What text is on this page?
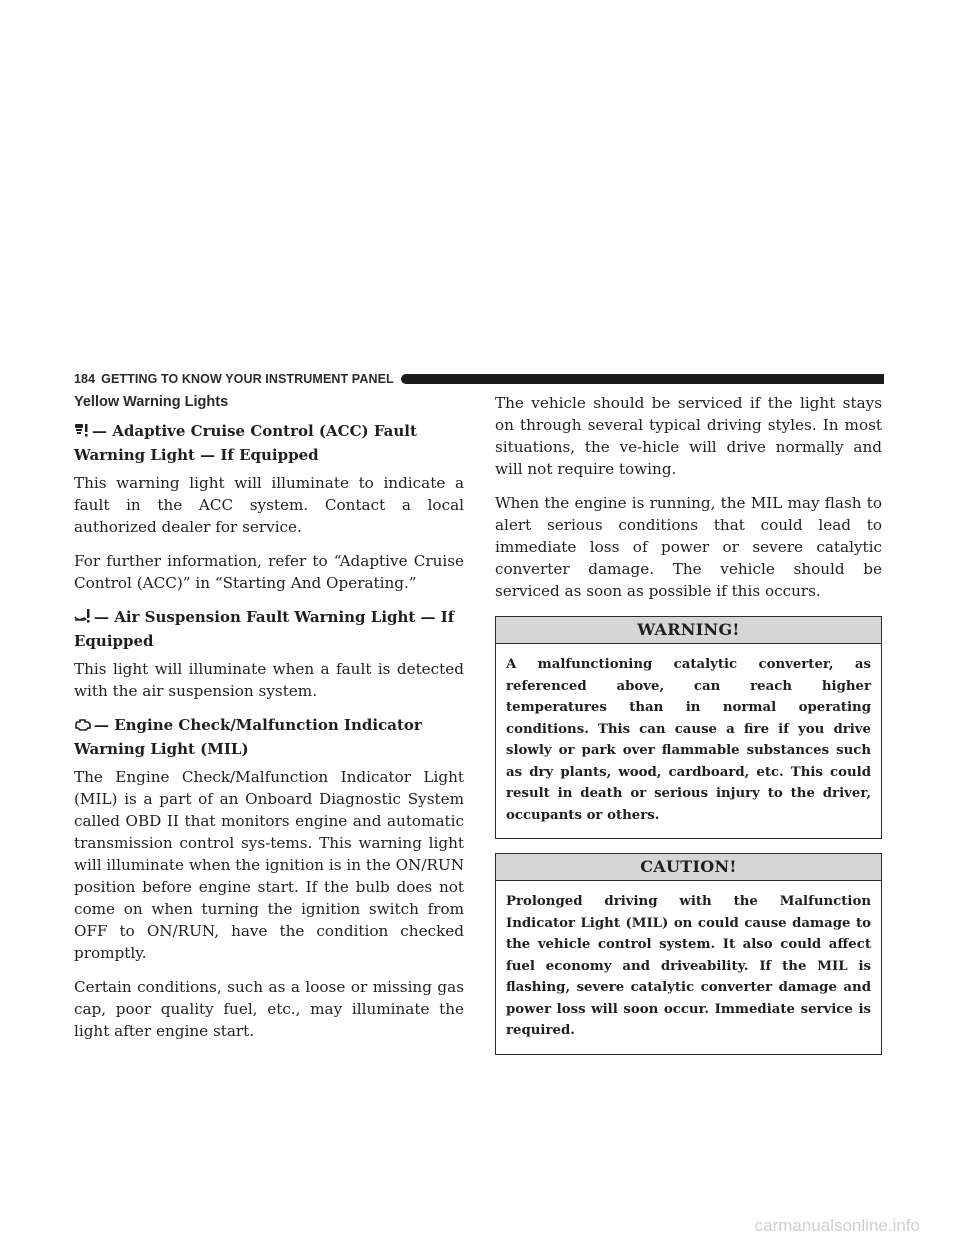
184 GETTING TO KNOW YOUR INSTRUMENT PANEL
Yellow Warning Lights
— Adaptive Cruise Control (ACC) Fault Warning Light — If Equipped

This warning light will illuminate to indicate a fault in the ACC system. Contact a local authorized dealer for service.

For further information, refer to “Adaptive Cruise Control (ACC)” in “Starting And Operating.”

— Air Suspension Fault Warning Light — If Equipped

This light will illuminate when a fault is detected with the air suspension system.

— Engine Check/Malfunction Indicator Warning Light (MIL)

The Engine Check/Malfunction Indicator Light (MIL) is a part of an Onboard Diagnostic System called OBD II that monitors engine and automatic transmission control sys-tems. This warning light will illuminate when the ignition is in the ON/RUN position before engine start. If the bulb does not come on when turning the ignition switch from OFF to ON/RUN, have the condition checked promptly.

Certain conditions, such as a loose or missing gas cap, poor quality fuel, etc., may illuminate the light after engine start.

The vehicle should be serviced if the light stays on through several typical driving styles. In most situations, the ve-hicle will drive normally and will not require towing.

When the engine is running, the MIL may flash to alert serious conditions that could lead to immediate loss of power or severe catalytic converter damage. The vehicle should be serviced as soon as possible if this occurs.

WARNING!
A malfunctioning catalytic converter, as referenced above, can reach higher temperatures than in normal operating conditions. This can cause a fire if you drive slowly or park over flammable substances such as dry plants, wood, cardboard, etc. This could result in death or serious injury to the driver, occupants or others.
CAUTION!
Prolonged driving with the Malfunction Indicator Light (MIL) on could cause damage to the vehicle control system. It also could affect fuel economy and driveability. If the MIL is flashing, severe catalytic converter damage and power loss will soon occur. Immediate service is required.
carmanualsonline.info
